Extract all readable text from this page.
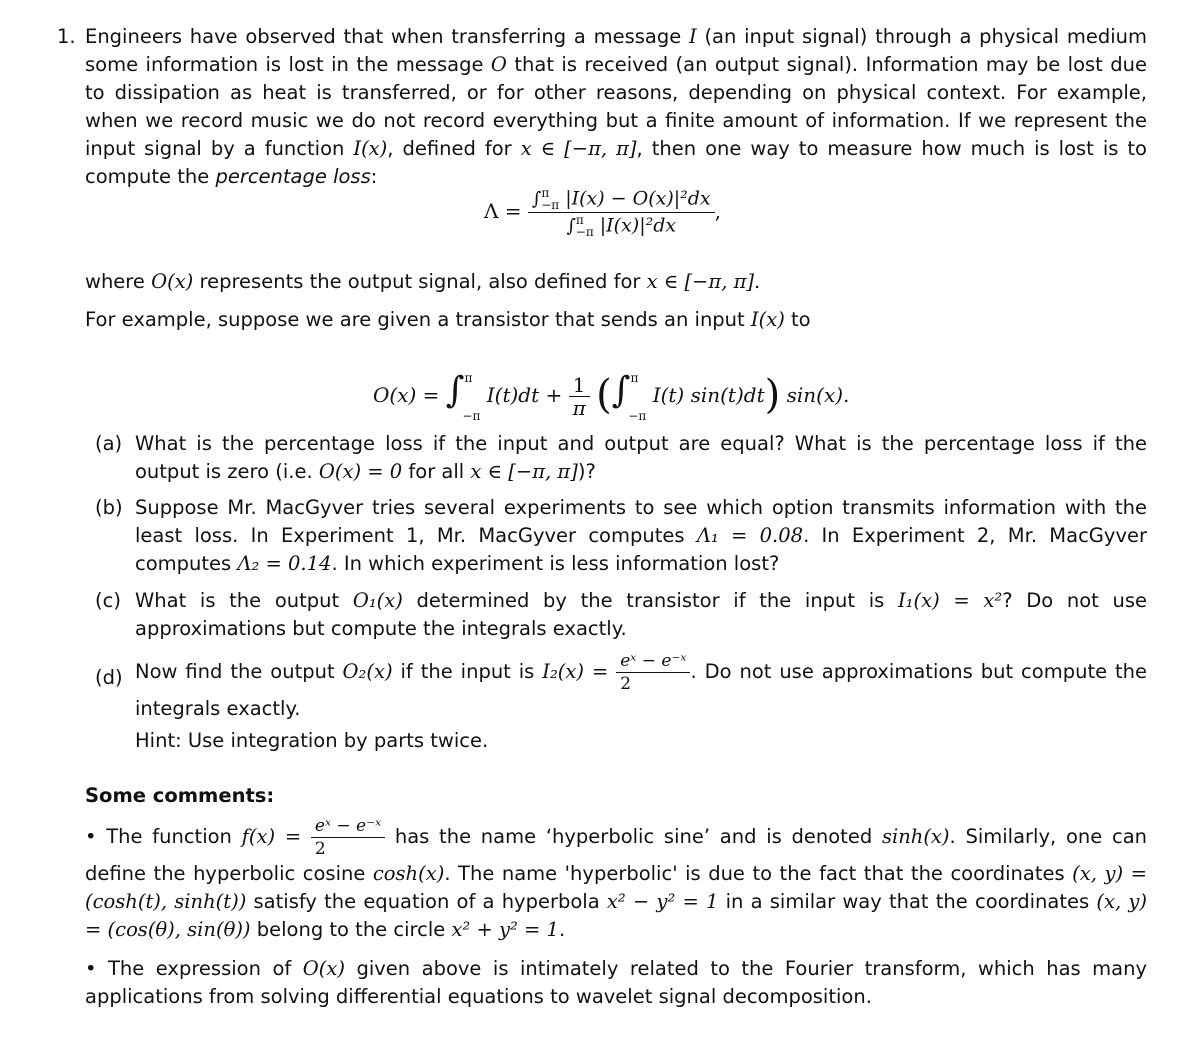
1. Engineers have observed that when transferring a message I (an input signal) through a physical medium some information is lost in the message O that is received (an output signal). Information may be lost due to dissipation as heat is transferred, or for other reasons, depending on physical context. For example, when we record music we do not record everything but a finite amount of information. If we represent the input signal by a function I(x), defined for x ∈ [−π, π], then one way to measure how much is lost is to compute the percentage loss:
$\Lambda = \frac{\int^\pi_{-\pi} |I(x) - O(x)|^2dx}{\int^\pi_{-\pi} |I(x)|^2dx}$ ,
where O(x) represents the output signal, also defined for x ∈ [−π, π].
For example, suppose we are given a transistor that sends an input I(x) to
O(x) = ∫$^\pi_{-\pi}$ $I(t)dt + \frac{1}{\pi} (\int^\pi_{-\pi}$ I(t) sin(t)dt) sin(x).
(a) What is the percentage loss if the input and output are equal? What is the percentage loss if the output is zero (i.e. O(x) = 0 for all x ∈ [−π, π])?
(b) Suppose Mr. MacGyver tries several experiments to see which option transmits information with the least loss. In Experiment 1, Mr. MacGyver computes Λ₁ = 0.08. In Experiment 2, Mr. MacGyver computes Λ₂ = 0.14. In which experiment is less information lost?
(c) What is the output O₁(x) determined by the transistor if the input is I₁(x) = x²? Do not use approximations but compute the integrals exactly.
(d) Now find the output O₂(x) if the input is $I_2(x) = \frac{\text{eˣ − e⁻ˣ}}{2}$ . Do not use approximations but compute the integrals exactly.
Hint: Use integration by parts twice.
Some comments:
• The function $f(x) = \frac{\text{eˣ − e⁻ˣ}}{2}$ has the name ‘hyperbolic sine’ and is denoted sinh(x). Similarly, one can define the hyperbolic cosine cosh(x). The name 'hyperbolic' is due to the fact that the coordinates (x, y) = (cosh(t), sinh(t)) satisfy the equation of a hyperbola x² − y² = 1 in a similar way that the coordinates (x, y) = (cos(θ), sin(θ)) belong to the circle x² + y² = 1.
• The expression of O(x) given above is intimately related to the Fourier transform, which has many applications from solving differential equations to wavelet signal decomposition.
